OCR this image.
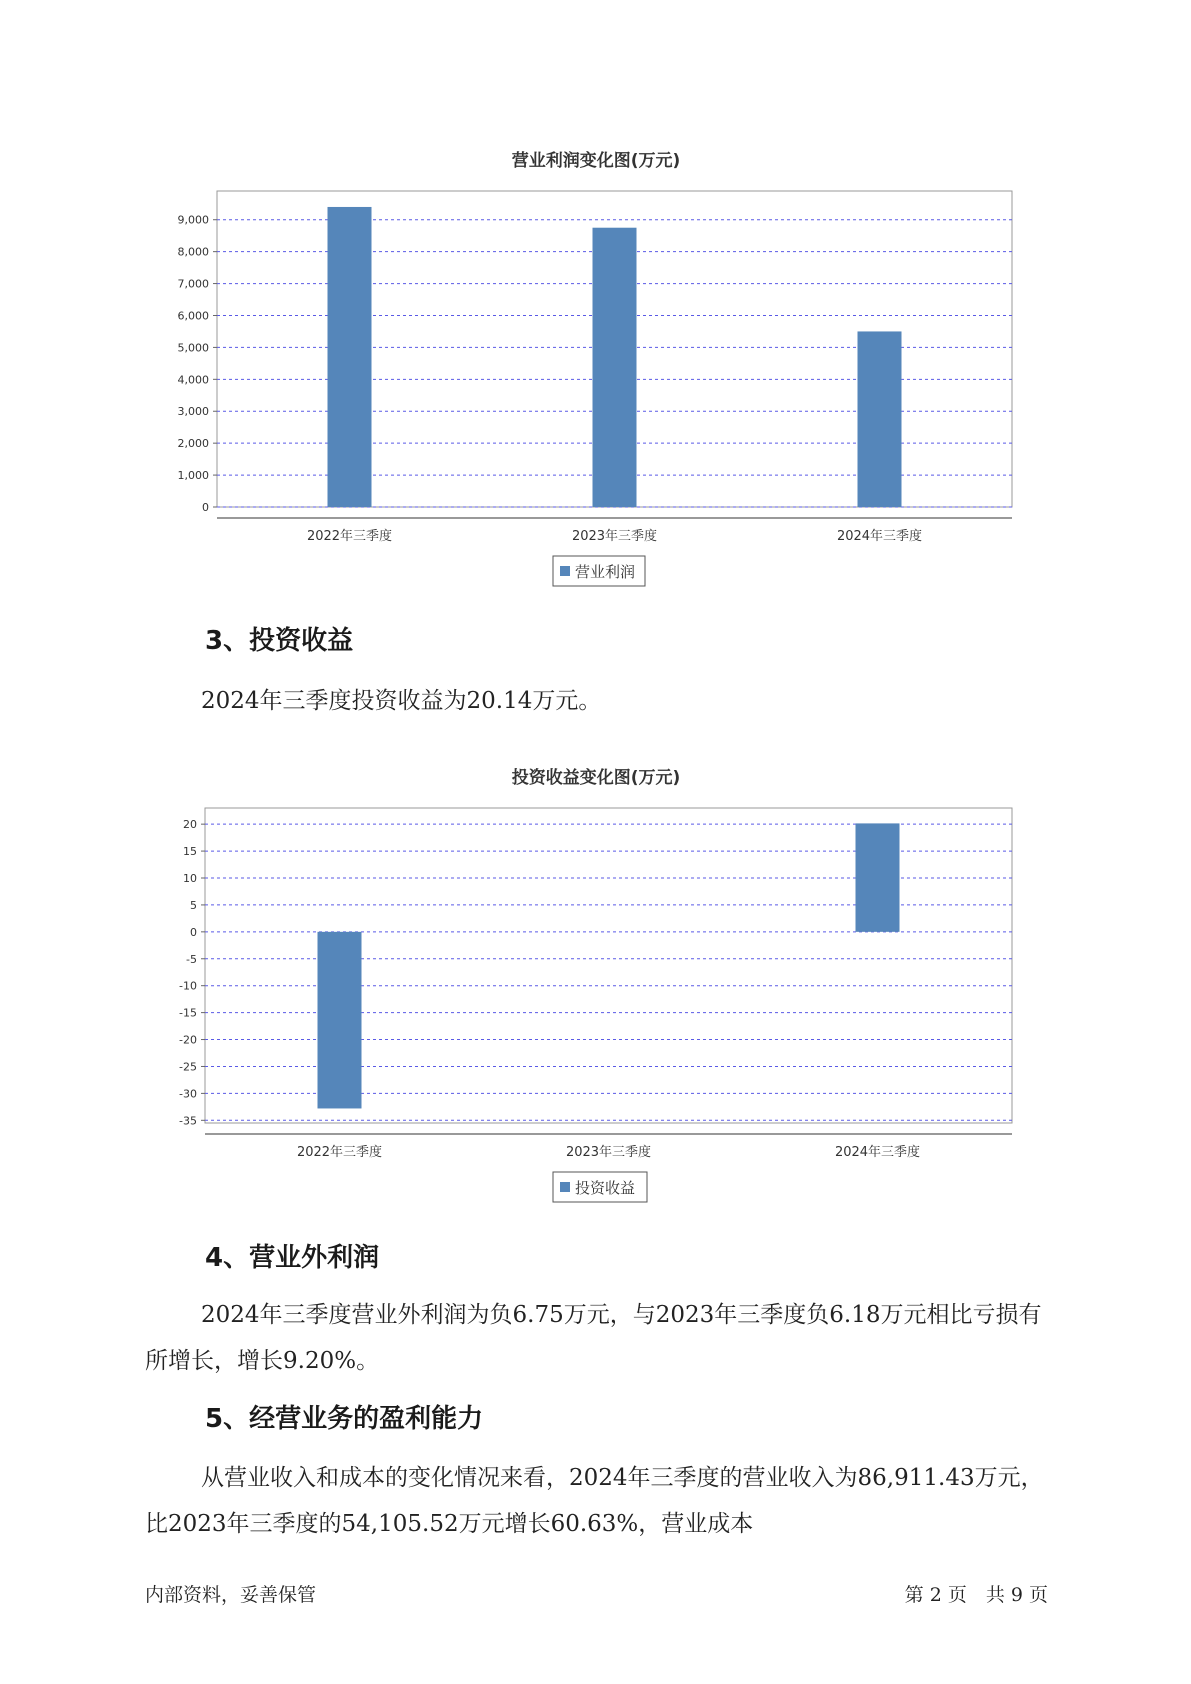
营业利润变化图(万元)
0
1,000
2,000
3,000
4,000
5,000
6,000
7,000
8,000
9,000
2022年三季度	2023年三季度	2024年三季度
营业利润
投资收益变化图(万元)
20
15
10
5
0
-5
-10
-15
-20
-25
-30
-35
2022年三季度	2023年三季度	2024年三季度
投资收益
3、投资收益

2024年三季度投资收益为20.14万元。

4、营业外利润

2024年三季度营业外利润为负6.75万元，与2023年三季度负6.18万元相比亏损有所增长，增长9.20%。

5、经营业务的盈利能力

从营业收入和成本的变化情况来看，2024年三季度的营业收入为86,911.43万元，比2023年三季度的54,105.52万元增长60.63%，营业成本

内部资料，妥善保管	第 2 页　共 9 页
